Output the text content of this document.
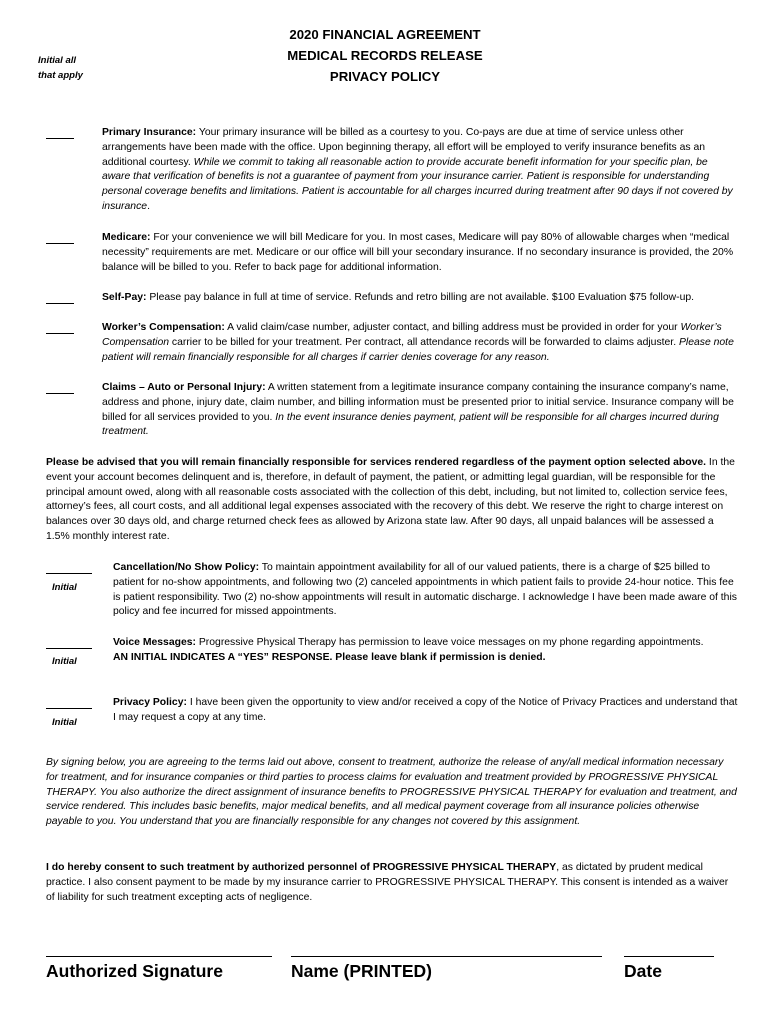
2020 FINANCIAL AGREEMENT
MEDICAL RECORDS RELEASE
PRIVACY POLICY
Initial all
that apply
Primary Insurance: Your primary insurance will be billed as a courtesy to you. Co-pays are due at time of service unless other arrangements have been made with the office. Upon beginning therapy, all effort will be employed to verify insurance benefits as an additional courtesy. While we commit to taking all reasonable action to provide accurate benefit information for your specific plan, be aware that verification of benefits is not a guarantee of payment from your insurance carrier. Patient is responsible for understanding personal coverage benefits and limitations. Patient is accountable for all charges incurred during treatment after 90 days if not covered by insurance.
Medicare: For your convenience we will bill Medicare for you. In most cases, Medicare will pay 80% of allowable charges when “medical necessity” requirements are met. Medicare or our office will bill your secondary insurance. If no secondary insurance is provided, the 20% balance will be billed to you. Refer to back page for additional information.
Self-Pay: Please pay balance in full at time of service. Refunds and retro billing are not available. $100 Evaluation $75 follow-up.
Worker’s Compensation: A valid claim/case number, adjuster contact, and billing address must be provided in order for your Worker’s Compensation carrier to be billed for your treatment. Per contract, all attendance records will be forwarded to claims adjuster. Please note patient will remain financially responsible for all charges if carrier denies coverage for any reason.
Claims – Auto or Personal Injury: A written statement from a legitimate insurance company containing the insurance company’s name, address and phone, injury date, claim number, and billing information must be presented prior to initial service. Insurance company will be billed for all services provided to you. In the event insurance denies payment, patient will be responsible for all charges incurred during treatment.
Please be advised that you will remain financially responsible for services rendered regardless of the payment option selected above. In the event your account becomes delinquent and is, therefore, in default of payment, the patient, or admitting legal guardian, will be responsible for the principal amount owed, along with all reasonable costs associated with the collection of this debt, including, but not limited to, collection service fees, attorney’s fees, all court costs, and all additional legal expenses associated with the recovery of this debt. We reserve the right to charge interest on balances over 30 days old, and charge returned check fees as allowed by Arizona state law. After 90 days, all unpaid balances will be assessed a 1.5% monthly interest rate.
Initial
Cancellation/No Show Policy: To maintain appointment availability for all of our valued patients, there is a charge of $25 billed to patient for no-show appointments, and following two (2) canceled appointments in which patient fails to provide 24-hour notice. This fee is patient responsibility. Two (2) no-show appointments will result in automatic discharge. I acknowledge I have been made aware of this policy and fee incurred for missed appointments.
Initial
Voice Messages: Progressive Physical Therapy has permission to leave voice messages on my phone regarding appointments.
AN INITIAL INDICATES A “YES” RESPONSE. Please leave blank if permission is denied.
Initial
Privacy Policy: I have been given the opportunity to view and/or received a copy of the Notice of Privacy Practices and understand that I may request a copy at any time.
By signing below, you are agreeing to the terms laid out above, consent to treatment, authorize the release of any/all medical information necessary for treatment, and for insurance companies or third parties to process claims for evaluation and treatment provided by PROGRESSIVE PHYSICAL THERAPY. You also authorize the direct assignment of insurance benefits to PROGRESSIVE PHYSICAL THERAPY for evaluation and treatment, and service rendered. This includes basic benefits, major medical benefits, and all medical payment coverage from all insurance policies otherwise payable to you. You understand that you are financially responsible for any changes not covered by this assignment.
I do hereby consent to such treatment by authorized personnel of PROGRESSIVE PHYSICAL THERAPY, as dictated by prudent medical practice. I also consent payment to be made by my insurance carrier to PROGRESSIVE PHYSICAL THERAPY. This consent is intended as a waiver of liability for such treatment excepting acts of negligence.
Authorized Signature	Name (PRINTED)	Date
